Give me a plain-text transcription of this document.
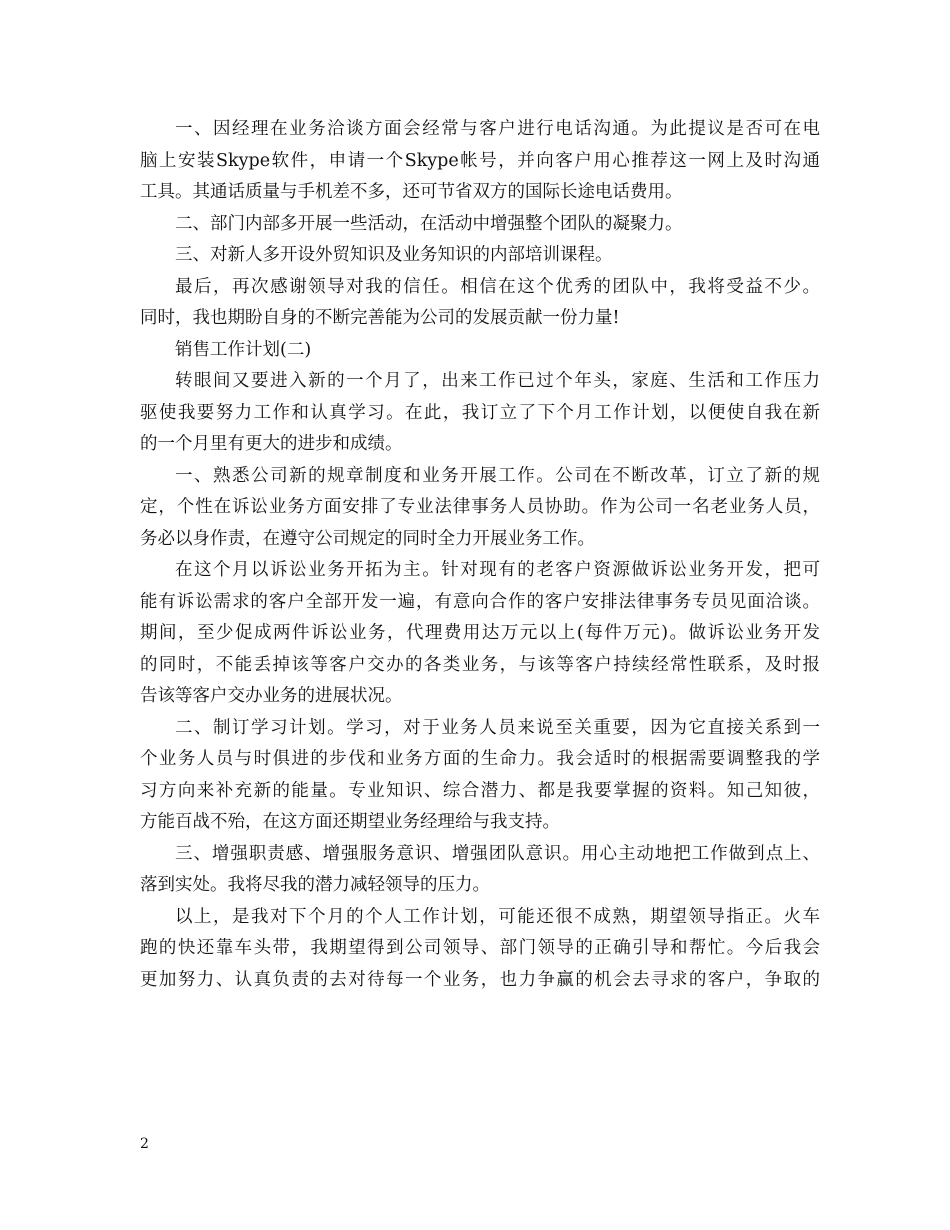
一、因经理在业务洽谈方面会经常与客户进行电话沟通。为此提议是否可在电
脑上安装Skype软件，申请一个Skype帐号，并向客户用心推荐这一网上及时沟通
工具。其通话质量与手机差不多，还可节省双方的国际长途电话费用。

二、部门内部多开展一些活动，在活动中增强整个团队的凝聚力。

三、对新人多开设外贸知识及业务知识的内部培训课程。

最后，再次感谢领导对我的信任。相信在这个优秀的团队中，我将受益不少。
同时，我也期盼自身的不断完善能为公司的发展贡献一份力量!

销售工作计划(二)

转眼间又要进入新的一个月了，出来工作已过个年头，家庭、生活和工作压力
驱使我要努力工作和认真学习。在此，我订立了下个月工作计划，以便使自我在新
的一个月里有更大的进步和成绩。

一、熟悉公司新的规章制度和业务开展工作。公司在不断改革，订立了新的规
定，个性在诉讼业务方面安排了专业法律事务人员协助。作为公司一名老业务人员，
务必以身作责，在遵守公司规定的同时全力开展业务工作。

在这个月以诉讼业务开拓为主。针对现有的老客户资源做诉讼业务开发，把可
能有诉讼需求的客户全部开发一遍，有意向合作的客户安排法律事务专员见面洽谈。
期间，至少促成两件诉讼业务，代理费用达万元以上(每件万元)。做诉讼业务开发
的同时，不能丢掉该等客户交办的各类业务，与该等客户持续经常性联系，及时报
告该等客户交办业务的进展状况。

二、制订学习计划。学习，对于业务人员来说至关重要，因为它直接关系到一
个业务人员与时俱进的步伐和业务方面的生命力。我会适时的根据需要调整我的学
习方向来补充新的能量。专业知识、综合潜力、都是我要掌握的资料。知己知彼，
方能百战不殆，在这方面还期望业务经理给与我支持。

三、增强职责感、增强服务意识、增强团队意识。用心主动地把工作做到点上、
落到实处。我将尽我的潜力减轻领导的压力。

以上，是我对下个月的个人工作计划，可能还很不成熟，期望领导指正。火车
跑的快还靠车头带，我期望得到公司领导、部门领导的正确引导和帮忙。今后我会
更加努力、认真负责的去对待每一个业务，也力争赢的机会去寻求的客户，争取的

2
